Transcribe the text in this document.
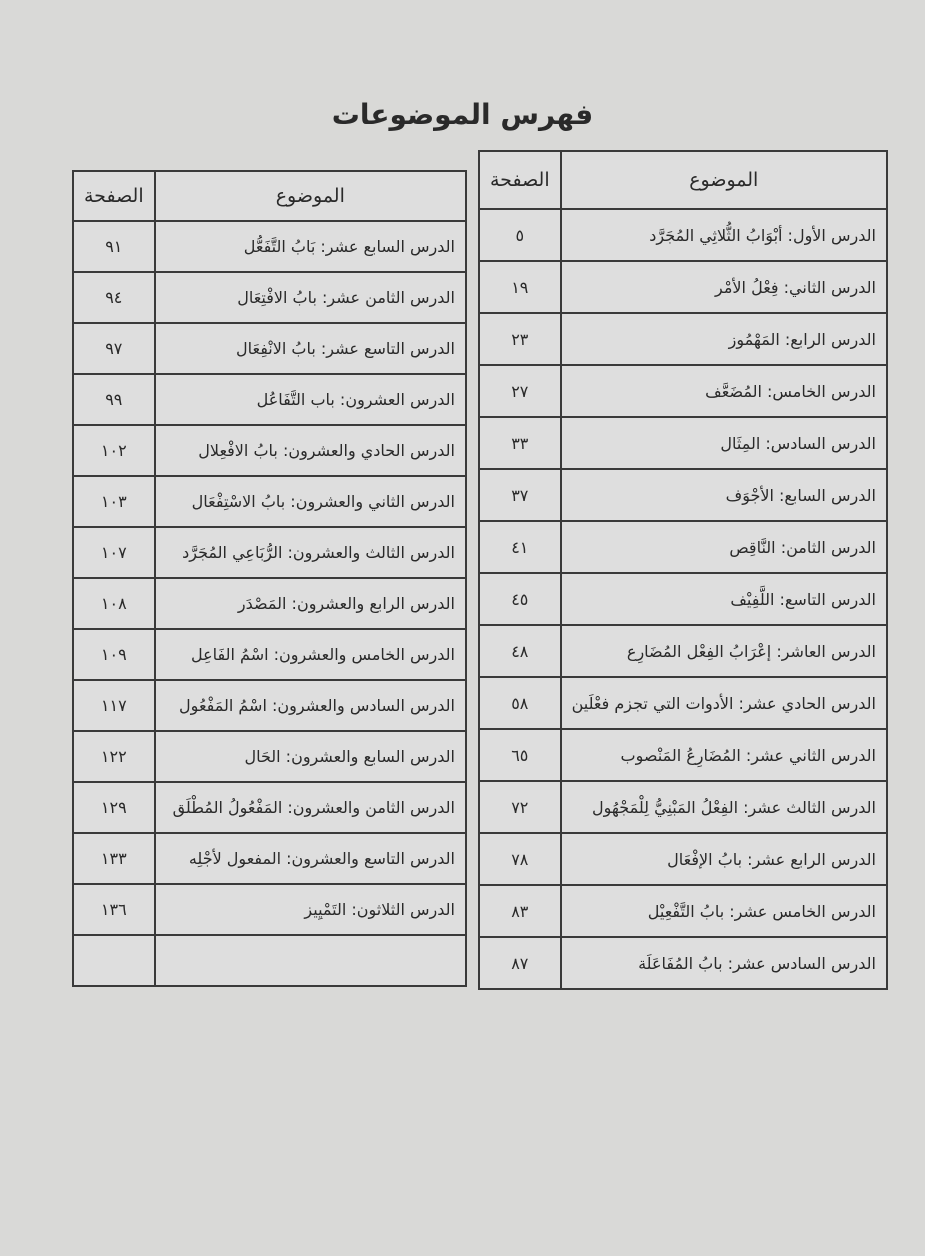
فهرس الموضوعات
الموضوع	الصفحة
الدرس الأول: أبْوَابُ الثُّلاثِي المُجَرَّد	٥
الدرس الثاني: فِعْلُ الأمْر	١٩
الدرس الرابع: المَهْمُوز	٢٣
الدرس الخامس: المُضَعَّف	٢٧
الدرس السادس: المِثَال	٣٣
الدرس السابع: الأجْوَف	٣٧
الدرس الثامن: النَّاقِص	٤١
الدرس التاسع: اللَّفِيْف	٤٥
الدرس العاشر: إعْرَابُ الفِعْل المُضَارِع	٤٨
الدرس الحادي عشر: الأدوات التي تجزم فعْلَين	٥٨
الدرس الثاني عشر: المُضَارِعُ المَنْصوب	٦٥
الدرس الثالث عشر: الفِعْلُ المَبْنِيُّ لِلْمَجْهُول	٧٢
الدرس الرابع عشر: بابُ الإفْعَال	٧٨
الدرس الخامس عشر: بابُ التَّفْعِيْل	٨٣
الدرس السادس عشر: بابُ المُفَاعَلَة	٨٧
الموضوع	الصفحة
الدرس السابع عشر: بَابُ التَّفَعُّل	٩١
الدرس الثامن عشر: بابُ الافْتِعَال	٩٤
الدرس التاسع عشر: بابُ الانْفِعَال	٩٧
الدرس العشرون: باب التَّفَاعُل	٩٩
الدرس الحادي والعشرون: بابُ الافْعِلال	١٠٢
الدرس الثاني والعشرون: بابُ الاسْتِفْعَال	١٠٣
الدرس الثالث والعشرون: الرُّبَاعِي المُجَرَّد	١٠٧
الدرس الرابع والعشرون: المَصْدَر	١٠٨
الدرس الخامس والعشرون: اسْمُ الفَاعِل	١٠٩
الدرس السادس والعشرون: اسْمُ المَفْعُول	١١٧
الدرس السابع والعشرون: الحَال	١٢٢
الدرس الثامن والعشرون: المَفْعُولُ المُطْلَق	١٢٩
الدرس التاسع والعشرون: المفعول لأجْلِه	١٣٣
الدرس الثلاثون: التَمْيِيز	١٣٦
